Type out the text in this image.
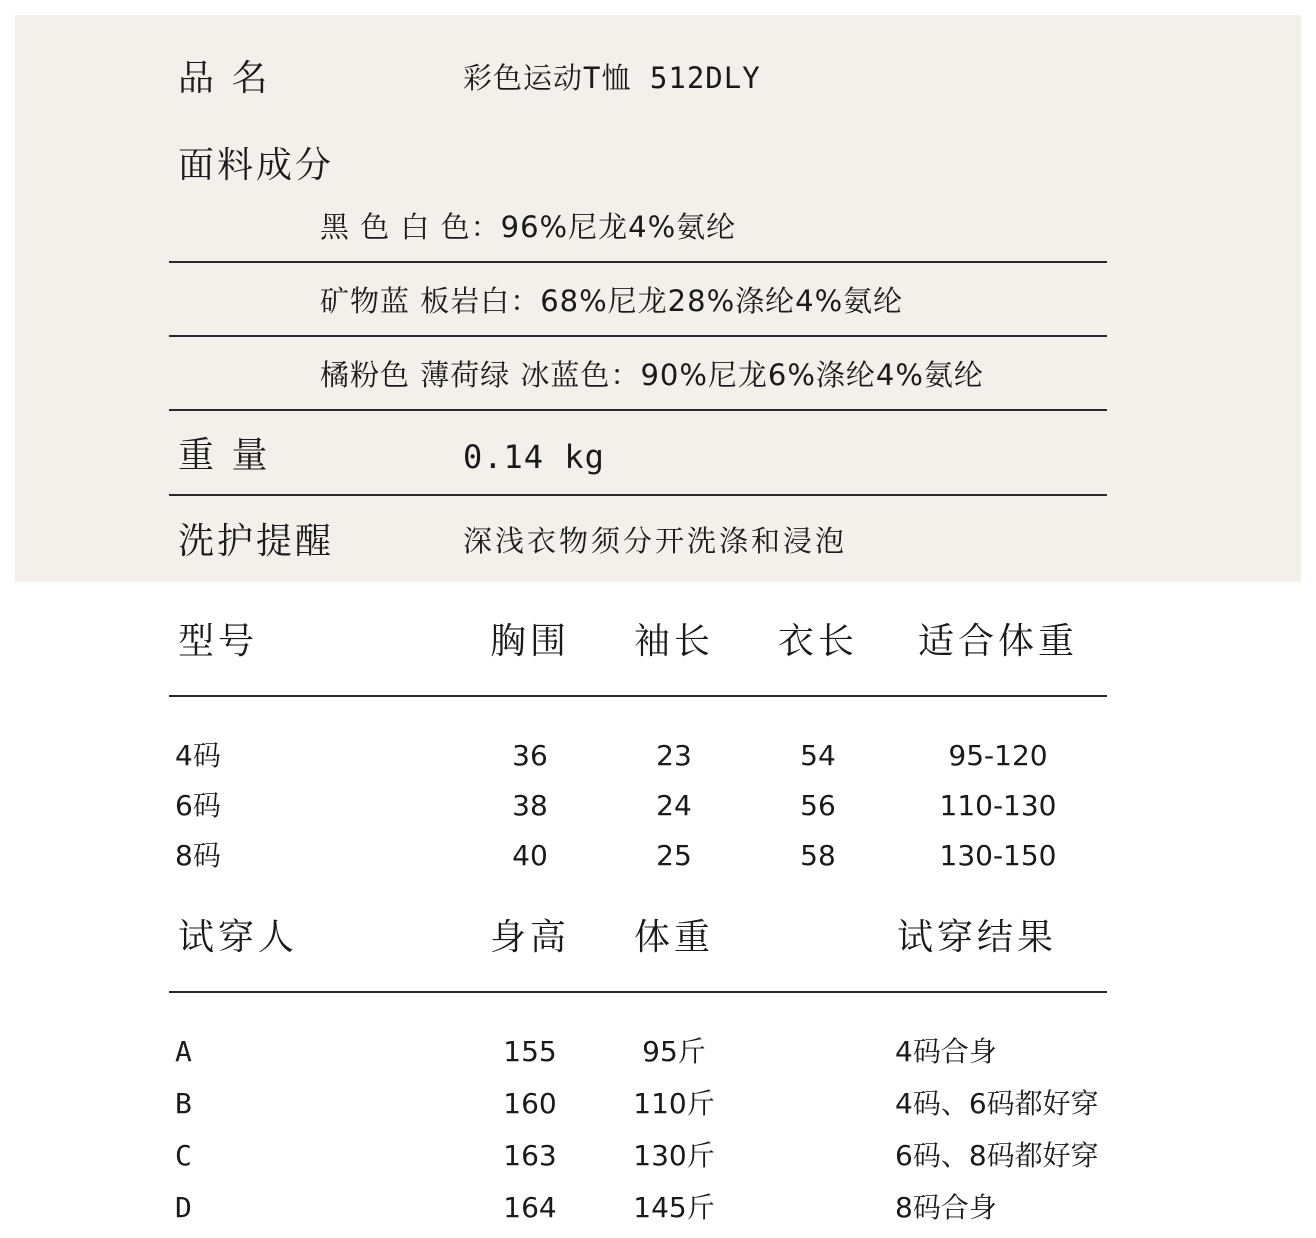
品 名	彩色运动T恤 512DLY
面料成分
黑 色 白 色：96%尼龙4%氨纶
矿物蓝 板岩白：68%尼龙28%涤纶4%氨纶
橘粉色 薄荷绿 冰蓝色：90%尼龙6%涤纶4%氨纶
重 量	0.14 kg
洗护提醒	深浅衣物须分开洗涤和浸泡
型号	胸围	袖长	衣长	适合体重
4码	36	23	54	95-120
6码	38	24	56	110-130
8码	40	25	58	130-150
试穿人	身高	体重	试穿结果
A	155	95斤	4码合身
B	160	110斤	4码、6码都好穿
C	163	130斤	6码、8码都好穿
D	164	145斤	8码合身
